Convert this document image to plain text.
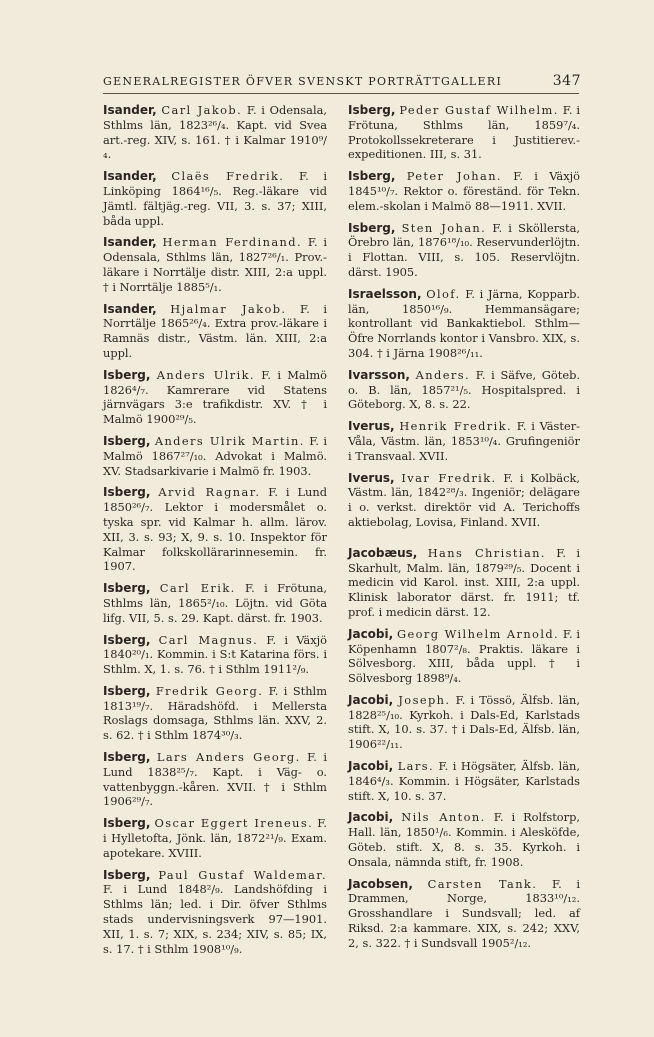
GENERALREGISTER ÖFVER SVENSKT PORTRÄTTGALLERI	347

Isander, Carl Jakob. F. i Odensala, Sthlms län, 1823²⁶/₄. Kapt. vid Svea art.-reg. XIV, s. 161. † i Kalmar 1910⁹/₄.

Isander, Claës Fredrik. F. i Linköping 1864¹⁶/₅. Reg.-läkare vid Jämtl. fältjäg.-reg. VII, 3. s. 37; XIII, båda uppl.

Isander, Herman Ferdinand. F. i Odensala, Sthlms län, 1827²⁶/₁. Prov.-läkare i Norrtälje distr. XIII, 2:a uppl. † i Norrtälje 1885⁵/₁.

Isander, Hjalmar Jakob. F. i Norrtälje 1865²⁶/₄. Extra prov.-läkare i Ramnäs distr., Västm. län. XIII, 2:a uppl.

Isberg, Anders Ulrik. F. i Malmö 1826⁴/₇. Kamrerare vid Statens järnvägars 3:e trafikdistr. XV. † i Malmö 1900²⁹/₅.

Isberg, Anders Ulrik Martin. F. i Malmö 1867²⁷/₁₀. Advokat i Malmö. XV. Stadsarkivarie i Malmö fr. 1903.

Isberg, Arvid Ragnar. F. i Lund 1850²⁶/₇. Lektor i modersmålet o. tyska spr. vid Kalmar h. allm. lärov. XII, 3. s. 93; X, 9. s. 10. Inspektor för Kalmar folkskollärarinnesemin. fr. 1907.

Isberg, Carl Erik. F. i Frötuna, Sthlms län, 1865²/₁₀. Löjtn. vid Göta lifg. VII, 5. s. 29. Kapt. därst. fr. 1903.

Isberg, Carl Magnus. F. i Växjö 1840²⁰/₁. Kommin. i S:t Katarina förs. i Sthlm. X, 1. s. 76. † i Sthlm 1911²/₉.

Isberg, Fredrik Georg. F. i Sthlm 1813¹⁹/₇. Häradshöfd. i Mellersta Roslags domsaga, Sthlms län. XXV, 2. s. 62. † i Sthlm 1874³⁰/₃.

Isberg, Lars Anders Georg. F. i Lund 1838²⁵/₇. Kapt. i Väg- o. vattenbyggn.-kåren. XVII. † i Sthlm 1906²⁹/₇.

Isberg, Oscar Eggert Ireneus. F. i Hylletofta, Jönk. län, 1872²¹/₉. Exam. apotekare. XVIII.

Isberg, Paul Gustaf Waldemar. F. i Lund 1848²/₉. Landshöfding i Sthlms län; led. i Dir. öfver Sthlms stads undervisningsverk 97—1901. XII, 1. s. 7; XIX, s. 234; XIV, s. 85; IX, s. 17. † i Sthlm 1908¹⁰/₉.

Isberg, Peder Gustaf Wilhelm. F. i Frötuna, Sthlms län, 1859⁷/₄. Protokollssekreterare i Justitierev.-expeditionen. III, s. 31.

Isberg, Peter Johan. F. i Växjö 1845¹⁰/₇. Rektor o. föreständ. för Tekn. elem.-skolan i Malmö 88—1911. XVII.

Isberg, Sten Johan. F. i Sköllersta, Örebro län, 1876¹⁸/₁₀. Reservunderlöjtn. i Flottan. VIII, s. 105. Reservlöjtn. därst. 1905.

Israelsson, Olof. F. i Järna, Kopparb. län, 1850¹⁶/₉. Hemmansägare; kontrollant vid Bankaktiebol. Sthlm—Öfre Norrlands kontor i Vansbro. XIX, s. 304. † i Järna 1908²⁶/₁₁.

Ivarsson, Anders. F. i Säfve, Göteb. o. B. län, 1857²¹/₅. Hospitalspred. i Göteborg. X, 8. s. 22.

Iverus, Henrik Fredrik. F. i Väster-Våla, Västm. län, 1853¹⁰/₄. Grufingeniör i Transvaal. XVII.

Iverus, Ivar Fredrik. F. i Kolbäck, Västm. län, 1842²⁸/₃. Ingeniör; delägare i o. verkst. direktör vid A. Terichoffs aktiebolag, Lovisa, Finland. XVII.

Jacobæus, Hans Christian. F. i Skarhult, Malm. län, 1879²⁹/₅. Docent i medicin vid Karol. inst. XIII, 2:a uppl. Klinisk laborator därst. fr. 1911; tf. prof. i medicin därst. 12.

Jacobi, Georg Wilhelm Arnold. F. i Köpenhamn 1807²/₈. Praktis. läkare i Sölvesborg. XIII, båda uppl. † i Sölvesborg 1898⁹/₄.

Jacobi, Joseph. F. i Tössö, Älfsb. län, 1828²⁵/₁₀. Kyrkoh. i Dals-Ed, Karlstads stift. X, 10. s. 37. † i Dals-Ed, Älfsb. län, 1906²²/₁₁.

Jacobi, Lars. F. i Högsäter, Älfsb. län, 1846⁴/₃. Kommin. i Högsäter, Karlstads stift. X, 10. s. 37.

Jacobi, Nils Anton. F. i Rolfstorp, Hall. län, 1850¹/₆. Kommin. i Alesköfde, Göteb. stift. X, 8. s. 35. Kyrkoh. i Onsala, nämnda stift, fr. 1908.

Jacobsen, Carsten Tank. F. i Drammen, Norge, 1833¹⁰/₁₂. Grosshandlare i Sundsvall; led. af Riksd. 2:a kammare. XIX, s. 242; XXV, 2, s. 322. † i Sundsvall 1905²/₁₂.
